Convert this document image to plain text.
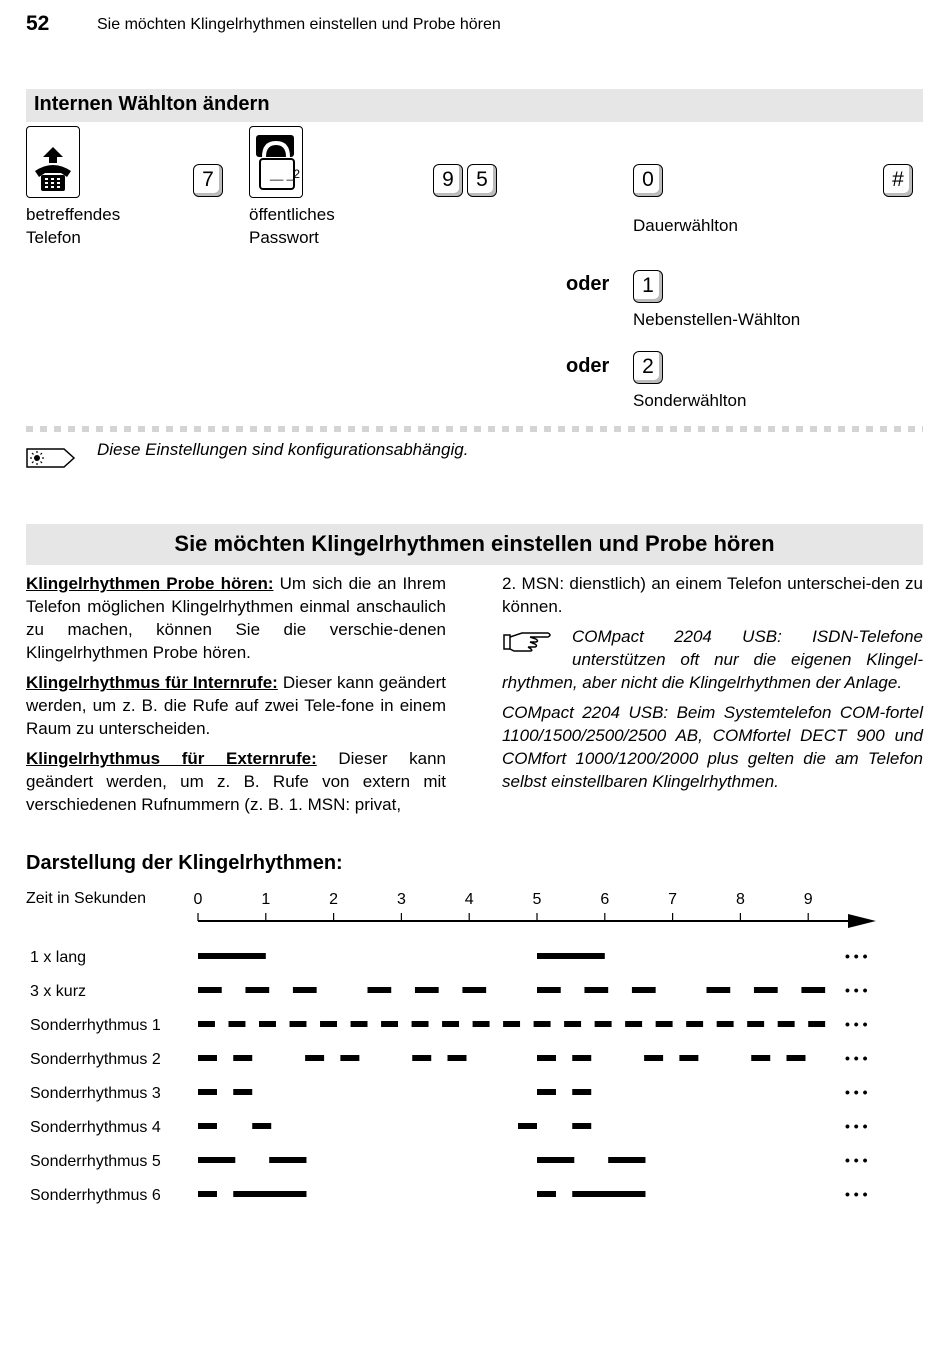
52	Sie möchten Klingelrhythmen einstellen und Probe hören
Internen Wählton ändern
betreffendes
Telefon
__ _2
öffentliches
Passwort
7	9	5	0	#
Dauerwählton
oder	1
Nebenstellen-Wählton
oder	2
Sonderwählton
Diese Einstellungen sind konfigurationsabhängig.
Sie möchten Klingelrhythmen einstellen und Probe hören

Klingelrhythmen Probe hören: Um sich die an Ihrem Telefon möglichen Klingelrhythmen einmal anschaulich zu machen, können Sie die verschie-denen Klingelrhythmen Probe hören.

Klingelrhythmus für Internrufe: Dieser kann geändert werden, um z. B. die Rufe auf zwei Tele-fone in einem Raum zu unterscheiden.

Klingelrhythmus für Externrufe: Dieser kann geändert werden, um z. B. Rufe von extern mit verschiedenen Rufnummern (z. B. 1. MSN: privat,

2. MSN: dienstlich) an einem Telefon unterschei-den zu können.

COMpact 2204 USB: ISDN-Telefone unterstützen oft nur die eigenen Klingel-rhythmen, aber nicht die Klingelrhythmen der Anlage.

COMpact 2204 USB: Beim Systemtelefon COM-fortel 1100/1500/2500/2500 AB, COMfortel DECT 900 und COMfort 1000/1200/2000 plus gelten die am Telefon selbst einstellbaren Klingelrhythmen.

Darstellung der Klingelrhythmen:
Zeit in Sekunden	0	1	2	3	4	5	6	7	8	9
1 x lang	• • •
3 x kurz	• • •
Sonderrhythmus 1	• • •
Sonderrhythmus 2	• • •
Sonderrhythmus 3	• • •
Sonderrhythmus 4	• • •
Sonderrhythmus 5	• • •
Sonderrhythmus 6	• • •
